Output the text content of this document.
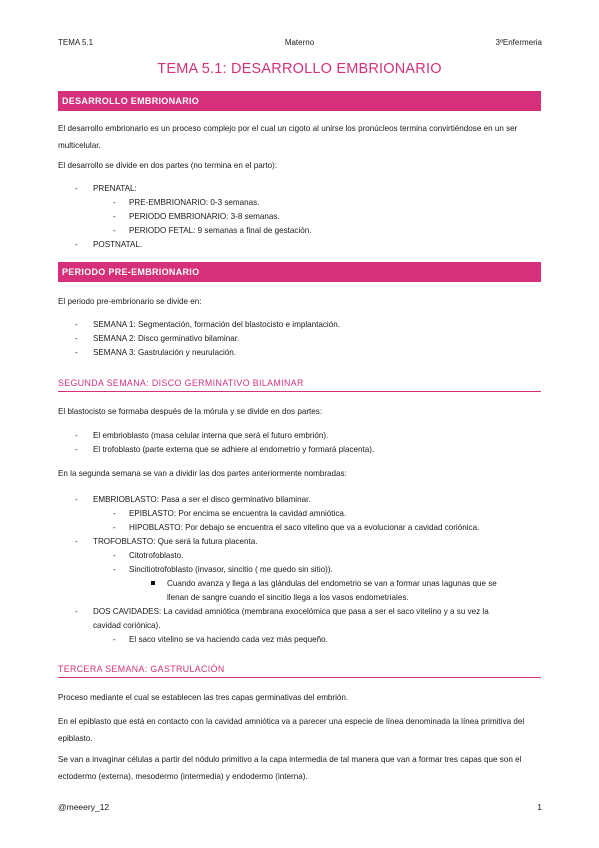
TEMA 5.1	Materno	3ºEnfermeria
TEMA 5.1: DESARROLLO EMBRIONARIO
DESARROLLO EMBRIONARIO
El desarrollo embrionario es un proceso complejo por el cual un cigoto al unirse los pronúcleos termina convirtiéndose en un ser multicelular.
El desarrollo se divide en dos partes (no termina en el parto):
- PRENATAL:
- PRE-EMBRIONARIO: 0-3 semanas.
- PERIODO EMBRIONARIO: 3-8 semanas.
- PERIODO FETAL: 9 semanas a final de gestación.
- POSTNATAL.
PERIODO PRE-EMBRIONARIO
El periodo pre-embrionario se divide en:
- SEMANA 1: Segmentación, formación del blastocisto e implantación.
- SEMANA 2: Disco germinativo bilaminar.
- SEMANA 3: Gastrulación y neurulación.
SEGUNDA SEMANA: DISCO GERMINATIVO BILAMINAR
El blastocisto se formaba después de la mórula y se divide en dos partes:
- El embrioblasto (masa celular interna que será el futuro embrión).
- El trofoblasto (parte externa que se adhiere al endometrio y formará placenta).
En la segunda semana se van a dividir las dos partes anteriormente nombradas:
- EMBRIOBLASTO: Pasa a ser el disco germinativo bilaminar.
- EPIBLASTO: Por encima se encuentra la cavidad amniótica.
- HIPOBLASTO: Por debajo se encuentra el saco vitelino que va a evolucionar a cavidad coriónica.
- TROFOBLASTO: Que será la futura placenta.
- Citotrofoblasto.
- Sincitiotrofoblasto (invasor, sincitio ( me quedo sin sitio)).
Cuando avanza y llega a las glándulas del endometrio se van a formar unas lagunas que se
llenan de sangre cuando el sincitio llega a los vasos endometriales.
- DOS CAVIDADES: La cavidad amniótica (membrana exocelómica que pasa a ser el saco vitelino y a su vez la
cavidad coriónica).
- El saco vitelino se va haciendo cada vez más pequeño.
TERCERA SEMANA: GASTRULACIÓN
Proceso mediante el cual se establecen las tres capas germinativas del embrión.
En el epiblasto que está en contacto con la cavidad amniótica va a parecer una especie de línea denominada la línea primitiva del epiblasto.
Se van a invaginar células a partir del nódulo primitivo a la capa intermedia de tal manera que van a formar tres capas que son el ectodermo (externa), mesodermo (intermedia) y endodermo (interna).
@meeery_12	1
